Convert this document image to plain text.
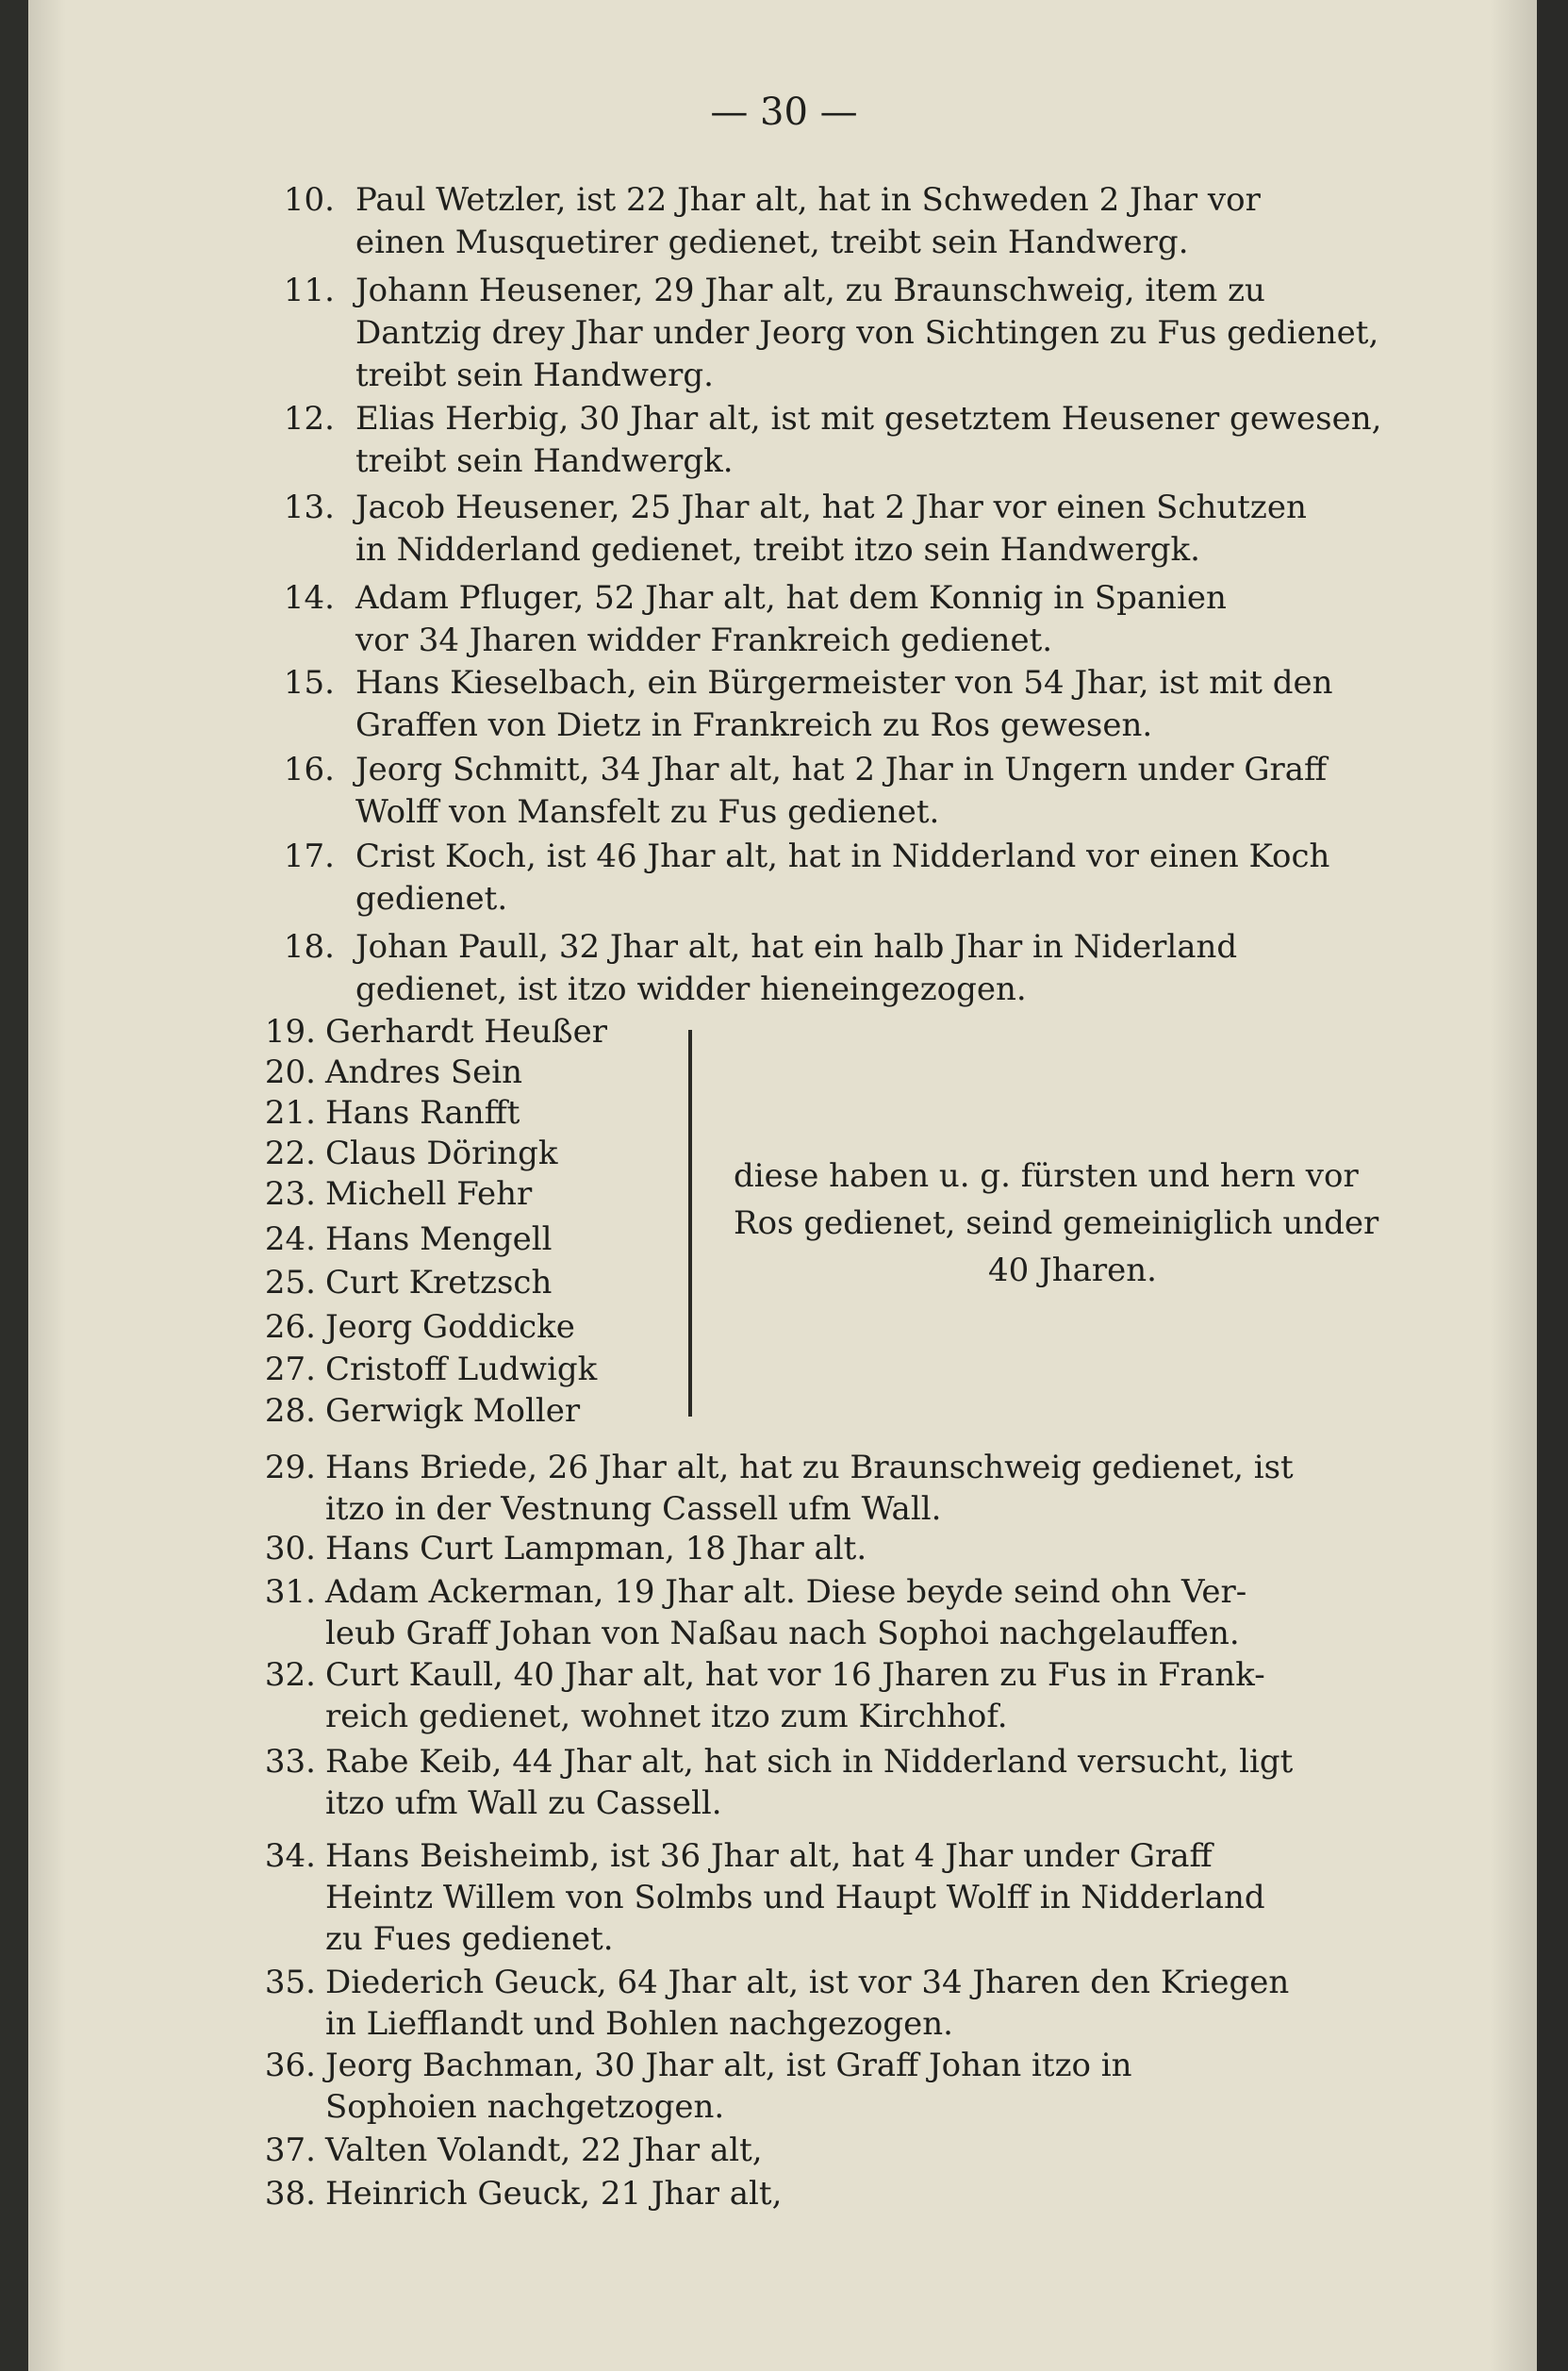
— 30 —
10. Paul Wetzler, ist 22 Jhar alt, hat in Schweden 2 Jhar vor
einen Musquetirer gedienet, treibt sein Handwerg.
11. Johann Heusener, 29 Jhar alt, zu Braunschweig, item zu
Dantzig drey Jhar under Jeorg von Sichtingen zu Fus gedienet,
treibt sein Handwerg.
12. Elias Herbig, 30 Jhar alt, ist mit gesetztem Heusener gewesen,
treibt sein Handwergk.
13. Jacob Heusener, 25 Jhar alt, hat 2 Jhar vor einen Schutzen
in Nidderland gedienet, treibt itzo sein Handwergk.
14. Adam Pfluger, 52 Jhar alt, hat dem Konnig in Spanien
vor 34 Jharen widder Frankreich gedienet.
15. Hans Kieselbach, ein Bürgermeister von 54 Jhar, ist mit den
Graffen von Dietz in Frankreich zu Ros gewesen.
16. Jeorg Schmitt, 34 Jhar alt, hat 2 Jhar in Ungern under Graff
Wolff von Mansfelt zu Fus gedienet.
17. Crist Koch, ist 46 Jhar alt, hat in Nidderland vor einen Koch
gedienet.
18. Johan Paull, 32 Jhar alt, hat ein halb Jhar in Niderland
gedienet, ist itzo widder hieneingezogen.
19. Gerhardt Heußer
20. Andres Sein
21. Hans Ranfft
22. Claus Döringk
23. Michell Fehr
24. Hans Mengell
25. Curt Kretzsch
26. Jeorg Goddicke
27. Cristoff Ludwigk
28. Gerwigk Moller
diese haben u. g. fürsten und hern vor
Ros gedienet, seind gemeiniglich under
40 Jharen.
29. Hans Briede, 26 Jhar alt, hat zu Braunschweig gedienet, ist
itzo in der Vestnung Cassell ufm Wall.
30. Hans Curt Lampman, 18 Jhar alt.
31. Adam Ackerman, 19 Jhar alt. Diese beyde seind ohn Ver-
leub Graff Johan von Naßau nach Sophoi nachgelauffen.
32. Curt Kaull, 40 Jhar alt, hat vor 16 Jharen zu Fus in Frank-
reich gedienet, wohnet itzo zum Kirchhof.
33. Rabe Keib, 44 Jhar alt, hat sich in Nidderland versucht, ligt
itzo ufm Wall zu Cassell.
34. Hans Beisheimb, ist 36 Jhar alt, hat 4 Jhar under Graff
Heintz Willem von Solmbs und Haupt Wolff in Nidderland
zu Fues gedienet.
35. Diederich Geuck, 64 Jhar alt, ist vor 34 Jharen den Kriegen
in Liefflandt und Bohlen nachgezogen.
36. Jeorg Bachman, 30 Jhar alt, ist Graff Johan itzo in
Sophoien nachgetzogen.
37. Valten Volandt, 22 Jhar alt,
38. Heinrich Geuck, 21 Jhar alt,
